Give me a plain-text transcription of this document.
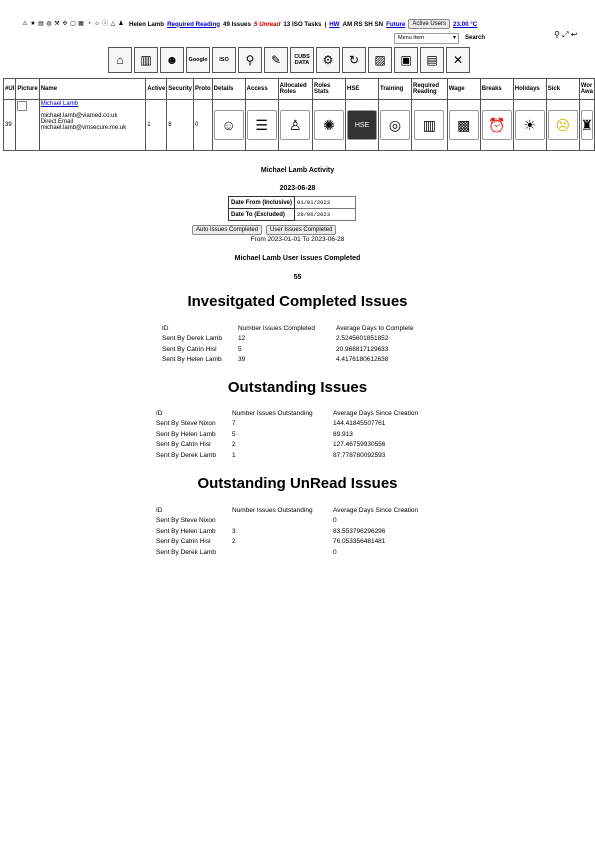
⚠ ★ ▤ ◍ ⚒ ✣ ▢ ▦ ◔ ☼ ⓘ △ ♟ Helen Lamb Required Reading 49 Issues 5 Unread 13 ISO Tasks | HW AM RS SH SN Future	Active Users	23.00 °C
Menu Item ▾	Search	⚲ ⤢ ↩
⌂	▥	☻	Google	ISO	⚲	✎	CUBS DATA	⚙	↻	▨	▣	▤	✕
#UI	Picture	Name	Active	Security	Proto	Details	Access	Allocated Roles	Roles Stats	HSE	Training	Required Reading	Wage	Breaks	Holidays	Sick	Wor Awa
39		Michael Lamb

michael.lamb@viamed.co.uk
Direct Email
michael.lamb@vmsecure.me.uk	1	8	0	☺	☰	♙	✺	HSE	◎	▥	▩	⏰	☀	☹	♜
Michael Lamb Activity
2023-06-28
Date From (Inclusive)	01/01/2023
Date To (Excluded)	28/06/2023
Auto Issues Completed	User Issues Completed
From 2023-01-01 To 2023-06-28
Michael Lamb User Issues Completed
55
Invesitgated Completed Issues
ID	Number Issues Completed	Average Days to Complete
Sent By Derek Lamb	12	2.5245601851852
Sent By Catrin Hisl	5	20.968817129633
Sent By Helen Lamb	39	4.4176180612638
Outstanding Issues
ID	Number Issues Outstanding	Average Days Since Creation
Sent By Steve Nixon	7	144.41845507761
Sent By Helen Lamb	5	89.913
Sent By Catrin Hisl	2	127.46759930556
Sent By Derek Lamb	1	87.778780092593
Outstanding UnRead Issues
ID	Number Issues Outstanding	Average Days Since Creation
Sent By Steve Nixon		0
Sent By Helen Lamb	3	83.553796296296
Sent By Catrin Hisl	2	76.053356481481
Sent By Derek Lamb		0
